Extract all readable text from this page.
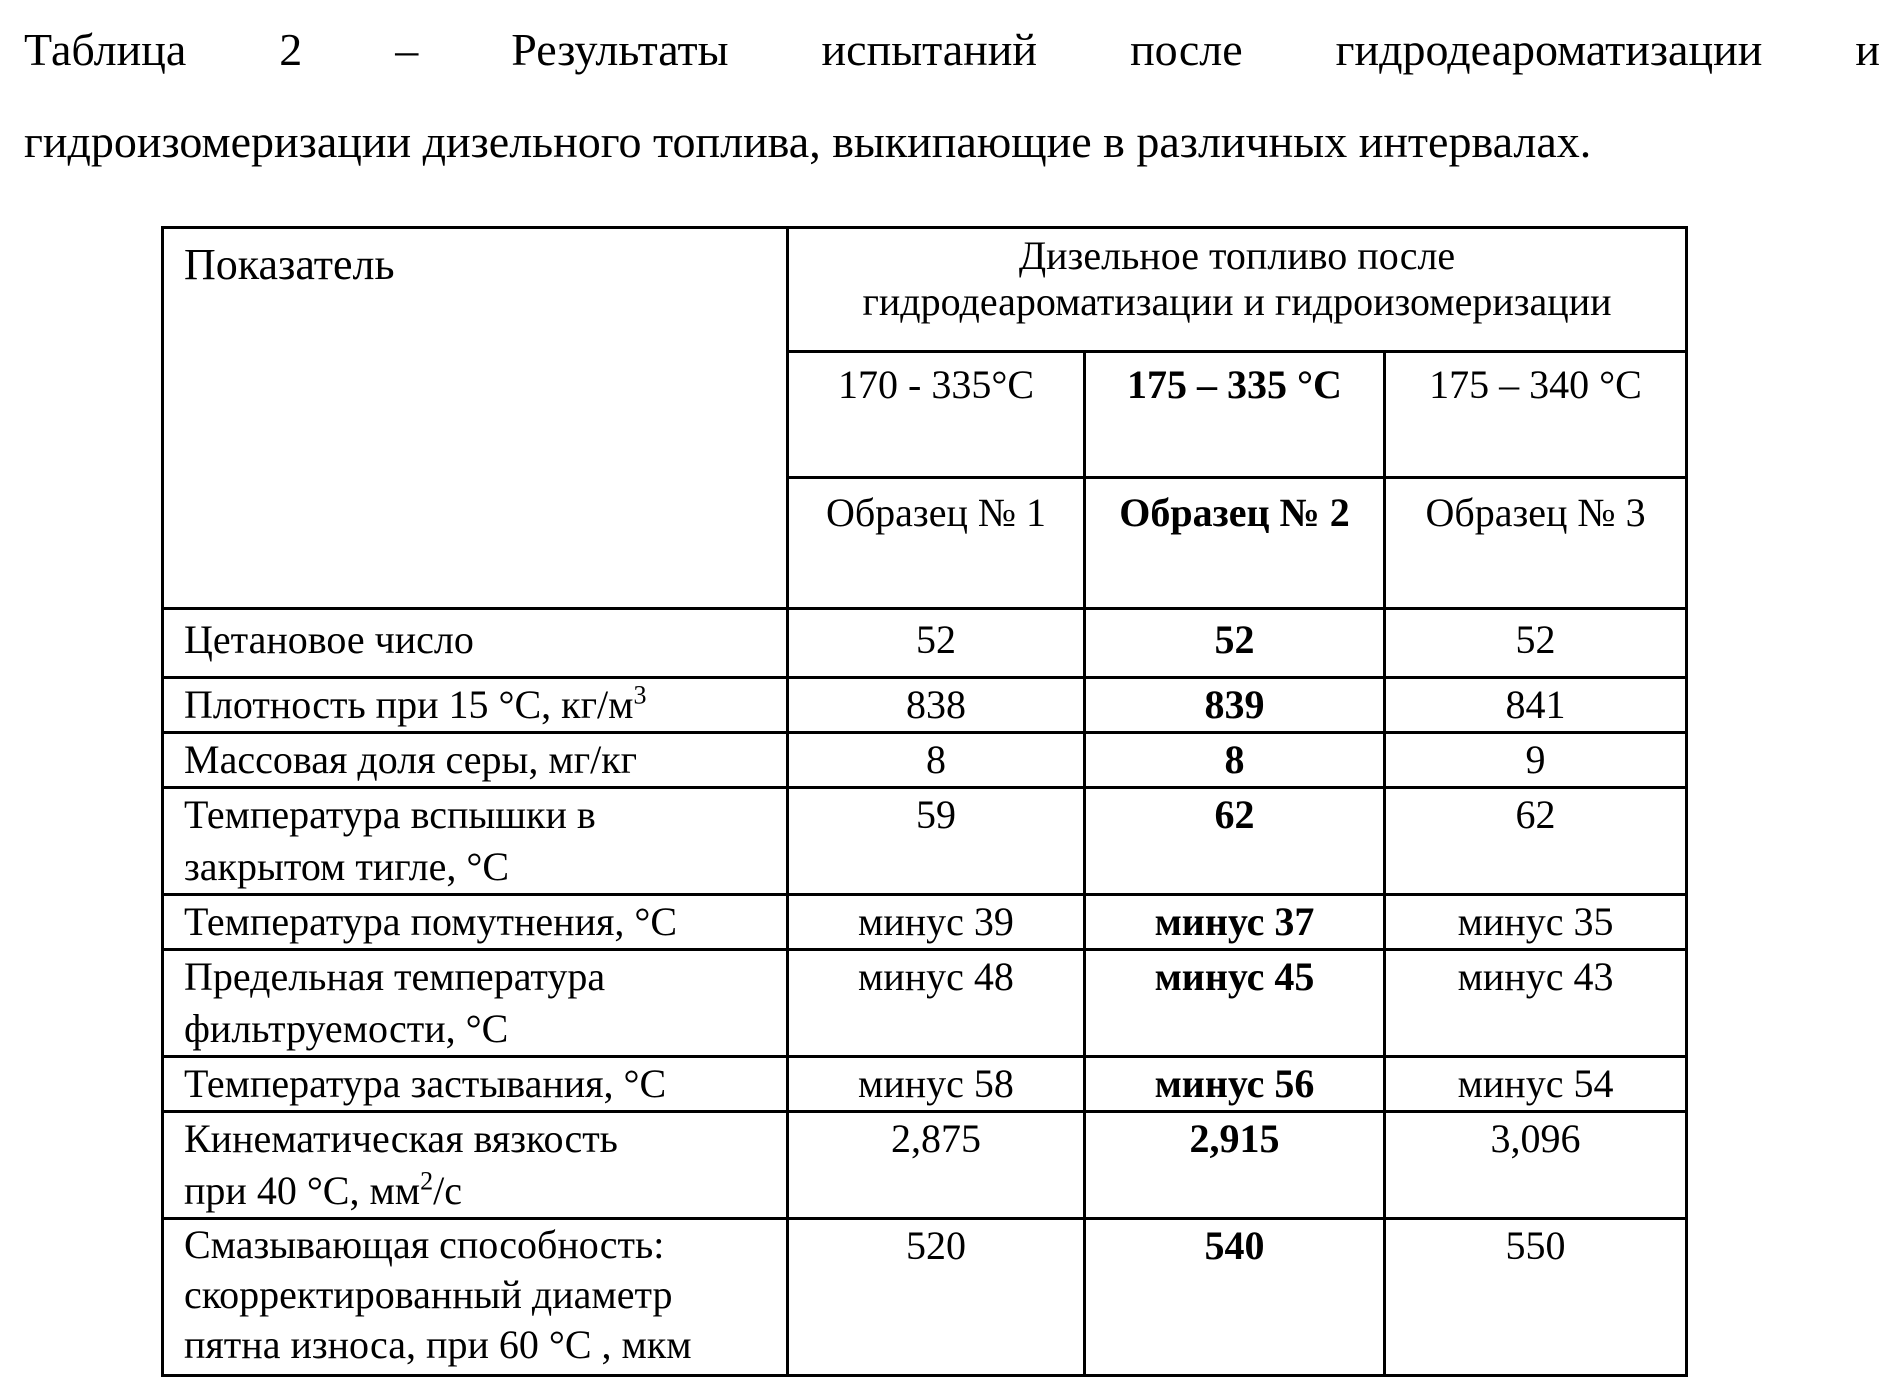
Таблица 2 – Результаты испытаний после гидродеароматизации и
гидроизомеризации дизельного топлива, выкипающие в различных интервалах.
Показатель	Дизельное топливо после
гидродеароматизации и гидроизомеризации		

	170 - 335°С	175 – 335 °С	175 – 340 °С
	Образец № 1	Образец № 2	Образец № 3
Цетановое число	52	52	52
Плотность при 15 °С, $кг/м^3$	838	839	841
Массовая доля серы, мг/кг	8	8	9

Температура вспышки в
закрытом тигле, °С	59	62	62
Температура помутнения, °С	минус 39	минус 37	минус 35

Предельная температура
фильтруемости, °С	минус 48	минус 45	минус 43
Температура застывания, °С	минус 58	минус 56	минус 54

Кинематическая вязкость
при 40 °С, $мм^2/с$	2,875	2,915	3,096

Смазывающая способность:
скорректированный диаметр
пятна износа, при 60 °С , мкм	520	540	550
